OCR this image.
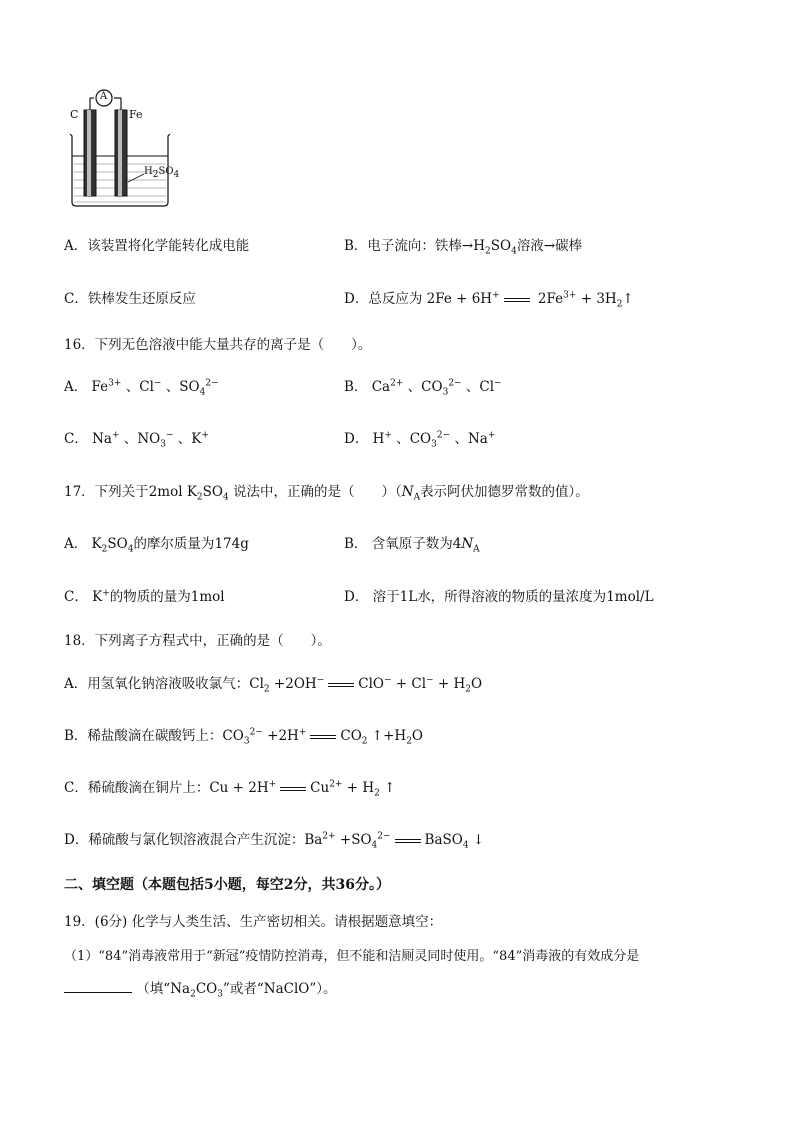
C	Fe
A
$H_2SO_4$
A．该装置将化学能转化成电能	B．电子流向：铁棒$\to H_2SO_4$溶液→碳棒
C．铁棒发生还原反应	D．总反应为 2Fe + 6H+	$2Fe^{3+}$ + $3H_2↑$
16．下列无色溶液中能大量共存的离子是（　　）。
A． $Fe^{3+}$ 、Cl− 、$SO_4^{2-}$	B． $Ca^{2+}$ 、$CO_3^{2-}$ 、Cl−
C． Na+ 、$NO_3^-$ 、K+	D． H+ 、$CO_3^{2-}$ 、Na+
17．下列关于2mol $K_2SO_4$ 说法中，正确的是（　　）（$N_A$表示阿伏加德罗常数的值）。
A． $K_2SO_4$的摩尔质量为174g	B． 含氧原子数为$4N_A$
C． K+的物质的量为1mol	D． 溶于1L水，所得溶液的物质的量浓度为1mol/L
18．下列离子方程式中，正确的是（　　）。
A．用氢氧化钠溶液吸收氯气：$Cl_2 +2OH^-$	$ClO^- + Cl^- + H_2O$
B．稀盐酸滴在碳酸钙上：$CO_3^{2-} +2H^+$	$CO_2$ $↑+H_2O$
C．稀硫酸滴在铜片上：Cu + 2H+	$Cu^{2+} + H_2$ ↑
D．稀硫酸与氯化钡溶液混合产生沉淀：$Ba^{2+} +SO_4^{2-}$	BaSO$_4$ ↓
二、填空题（本题包括5小题，每空2分，共36分。）
19．(6分) 化学与人类生活、生产密切相关。请根据题意填空：
（1）“84”消毒液常用于“新冠”疫情防控消毒，但不能和洁厕灵同时使用。“84”消毒液的有效成分是
（填“$Na_2CO_3$”或者“NaClO”）。
